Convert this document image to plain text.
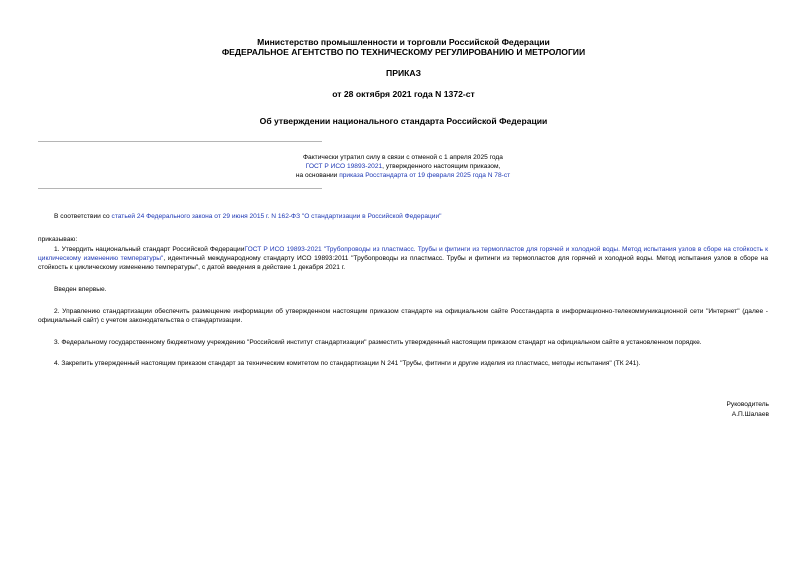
Министерство промышленности и торговли Российской Федерации
ФЕДЕРАЛЬНОЕ АГЕНТСТВО ПО ТЕХНИЧЕСКОМУ РЕГУЛИРОВАНИЮ И МЕТРОЛОГИИ
ПРИКАЗ
от 28 октября 2021 года N 1372-ст
Об утверждении национального стандарта Российской Федерации
Фактически утратил силу в связи с отменой с 1 апреля 2025 года
ГОСТ Р ИСО 19893-2021, утвержденного настоящим приказом,
на основании приказа Росстандарта от 19 февраля 2025 года N 78-ст
В соответствии со статьей 24 Федерального закона от 29 июня 2015 г. N 162-ФЗ "О стандартизации в Российской Федерации"
приказываю:
1. Утвердить национальный стандарт Российской ФедерацииГОСТ Р ИСО 19893-2021 "Трубопроводы из пластмасс. Трубы и фитинги из термопластов для горячей и холодной воды. Метод испытания узлов в сборе на стойкость к циклическому изменению температуры", идентичный международному стандарту ИСО 19893:2011 "Трубопроводы из пластмасс. Трубы и фитинги из термопластов для горячей и холодной воды. Метод испытания узлов в сборе на стойкость к циклическому изменению температуры", с датой введения в действие 1 декабря 2021 г.
Введен впервые.
2. Управлению стандартизации обеспечить размещение информации об утвержденном настоящим приказом стандарте на официальном сайте Росстандарта в информационно-телекоммуникационной сети "Интернет" (далее - официальный сайт) с учетом законодательства о стандартизации.
3. Федеральному государственному бюджетному учреждению "Российский институт стандартизации" разместить утвержденный настоящим приказом стандарт на официальном сайте в установленном порядке.
4. Закрепить утвержденный настоящим приказом стандарт за техническим комитетом по стандартизации N 241 "Трубы, фитинги и другие изделия из пластмасс, методы испытания" (ТК 241).
Руководитель
А.П.Шалаев
